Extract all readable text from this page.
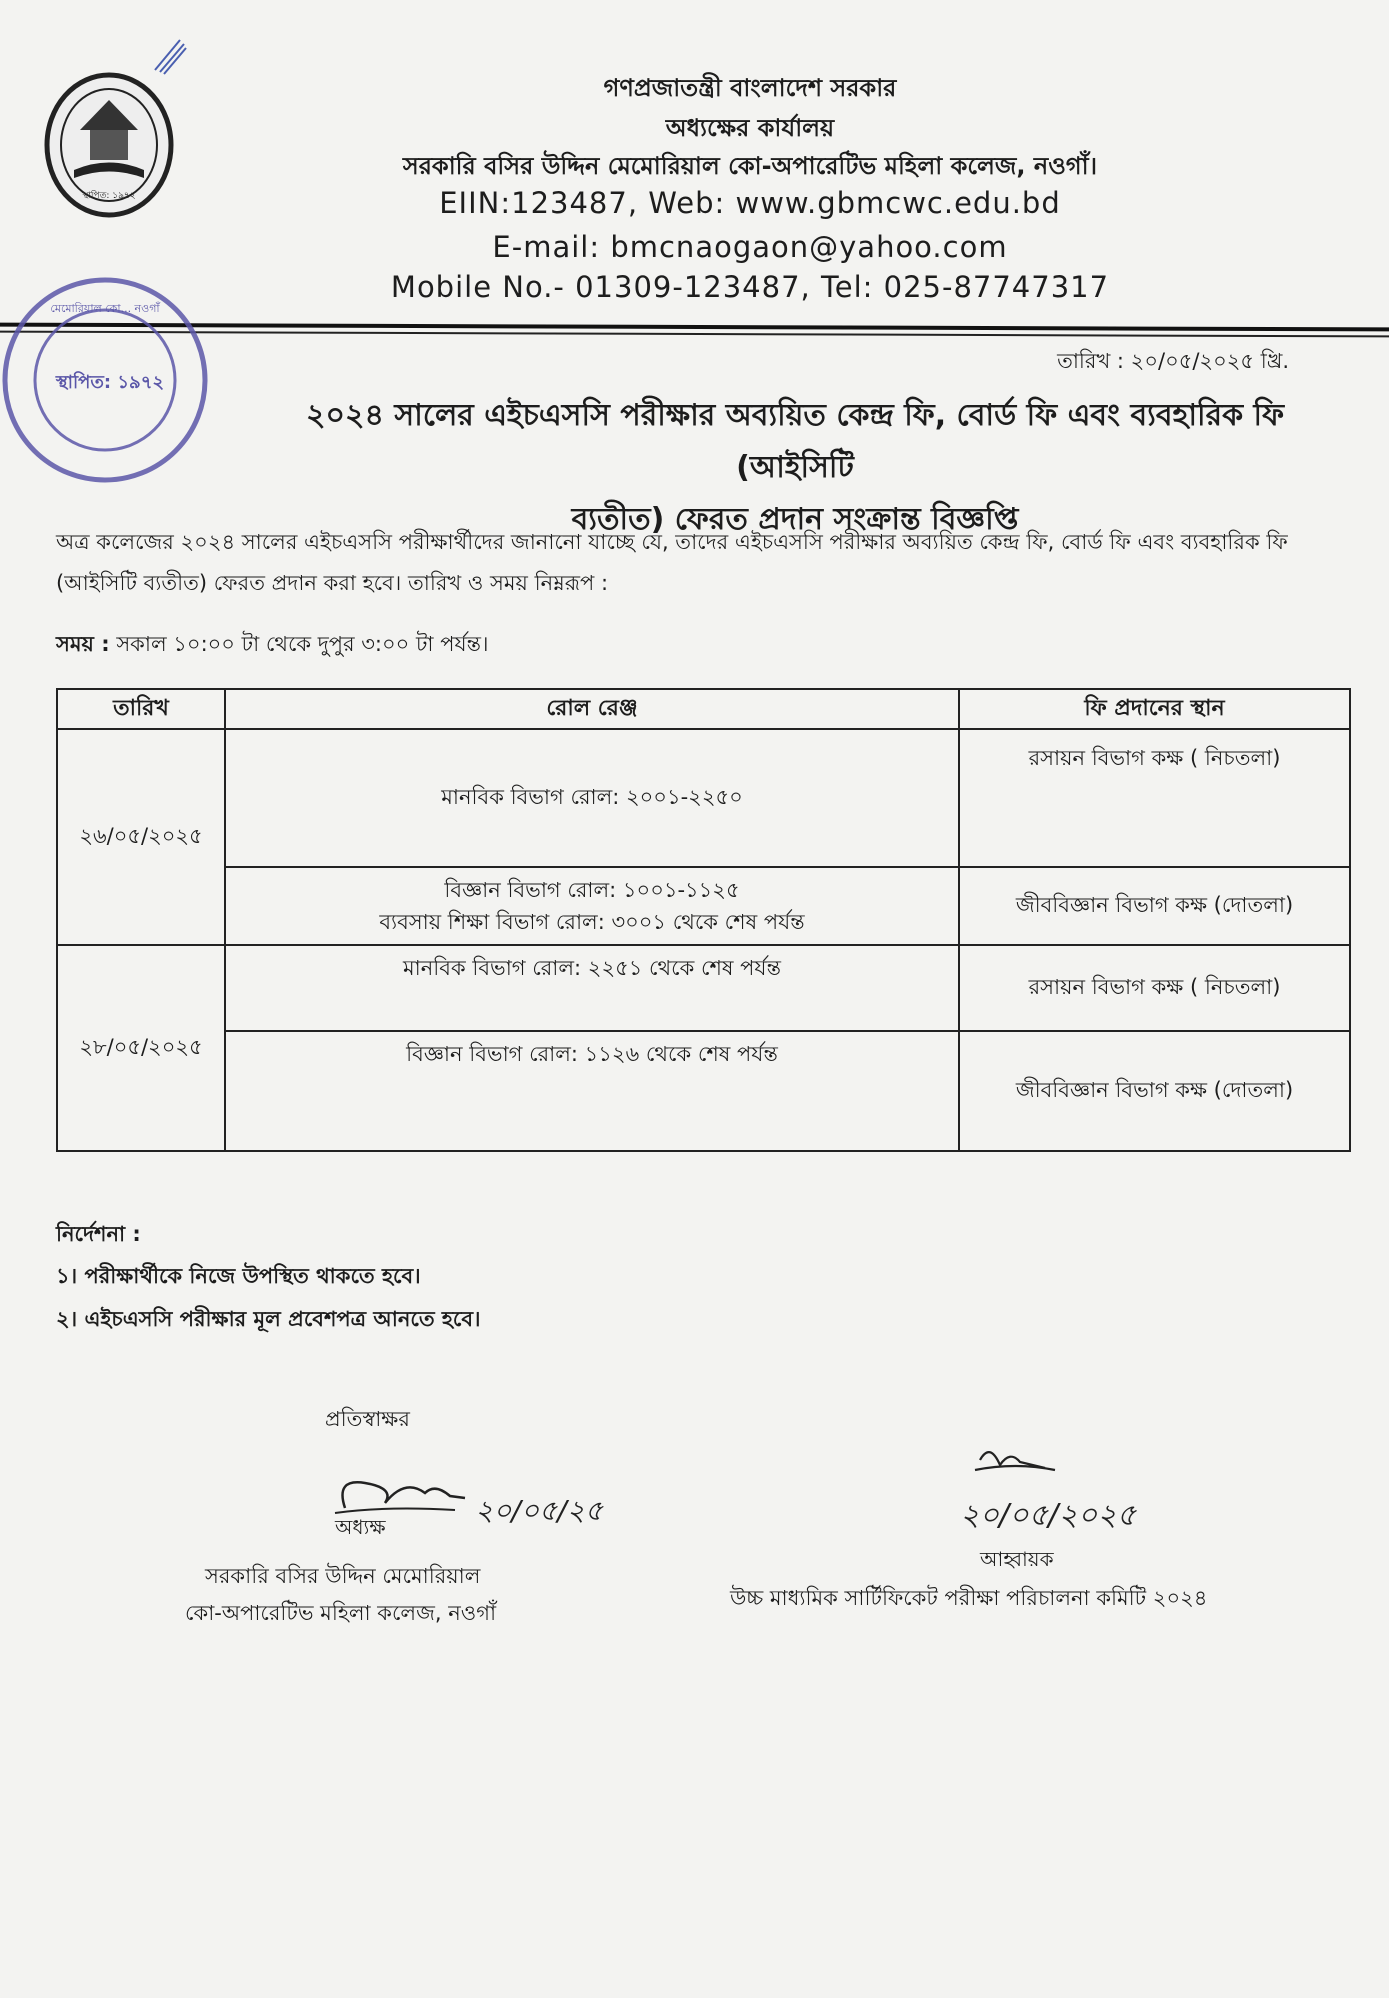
স্থাপিত: ১৯৭২
গণপ্রজাতন্ত্রী বাংলাদেশ সরকার
অধ্যক্ষের কার্যালয়
সরকারি বসির উদ্দিন মেমোরিয়াল কো-অপারেটিভ মহিলা কলেজ, নওগাঁ।
EIIN:123487, Web: www.gbmcwc.edu.bd
E-mail: bmcnaogaon@yahoo.com
Mobile No.- 01309-123487, Tel: 025-87747317
স্থাপিত: ১৯৭২
মেমোরিয়াল কো... নওগাঁ
তারিখ : ২০/০৫/২০২৫ খ্রি.
২০২৪ সালের এইচএসসি পরীক্ষার অব্যয়িত কেন্দ্র ফি, বোর্ড ফি এবং ব্যবহারিক ফি (আইসিটি
ব্যতীত) ফেরত প্রদান সংক্রান্ত বিজ্ঞপ্তি
অত্র কলেজের ২০২৪ সালের এইচএসসি পরীক্ষার্থীদের জানানো যাচ্ছে যে, তাদের এইচএসসি পরীক্ষার অব্যয়িত কেন্দ্র ফি, বোর্ড ফি এবং ব্যবহারিক ফি (আইসিটি ব্যতীত) ফেরত প্রদান করা হবে। তারিখ ও সময় নিম্নরূপ :
সময় : সকাল ১০:০০ টা থেকে দুপুর ৩:০০ টা পর্যন্ত।
তারিখ	রোল রেঞ্জ	ফি প্রদানের স্থান
২৬/০৫/২০২৫	মানবিক বিভাগ রোল: ২০০১-২২৫০	রসায়ন বিভাগ কক্ষ ( নিচতলা)

	বিজ্ঞান বিভাগ রোল: ১০০১-১১২৫
ব্যবসায় শিক্ষা বিভাগ রোল: ৩০০১ থেকে শেষ পর্যন্ত	জীববিজ্ঞান বিভাগ কক্ষ (দোতলা)
২৮/০৫/২০২৫	মানবিক বিভাগ রোল: ২২৫১ থেকে শেষ পর্যন্ত	রসায়ন বিভাগ কক্ষ ( নিচতলা)
	বিজ্ঞান বিভাগ রোল: ১১২৬ থেকে শেষ পর্যন্ত	জীববিজ্ঞান বিভাগ কক্ষ (দোতলা)
নির্দেশনা :
১। পরীক্ষার্থীকে নিজে উপস্থিত থাকতে হবে।
২। এইচএসসি পরীক্ষার মূল প্রবেশপত্র আনতে হবে।
প্রতিস্বাক্ষর
২০/০৫/২৫
অধ্যক্ষ
সরকারি বসির উদ্দিন মেমোরিয়াল
কো-অপারেটিভ মহিলা কলেজ, নওগাঁ
২০/০৫/২০২৫
আহ্বায়ক
উচ্চ মাধ্যমিক সার্টিফিকেট পরীক্ষা পরিচালনা কমিটি ২০২৪
